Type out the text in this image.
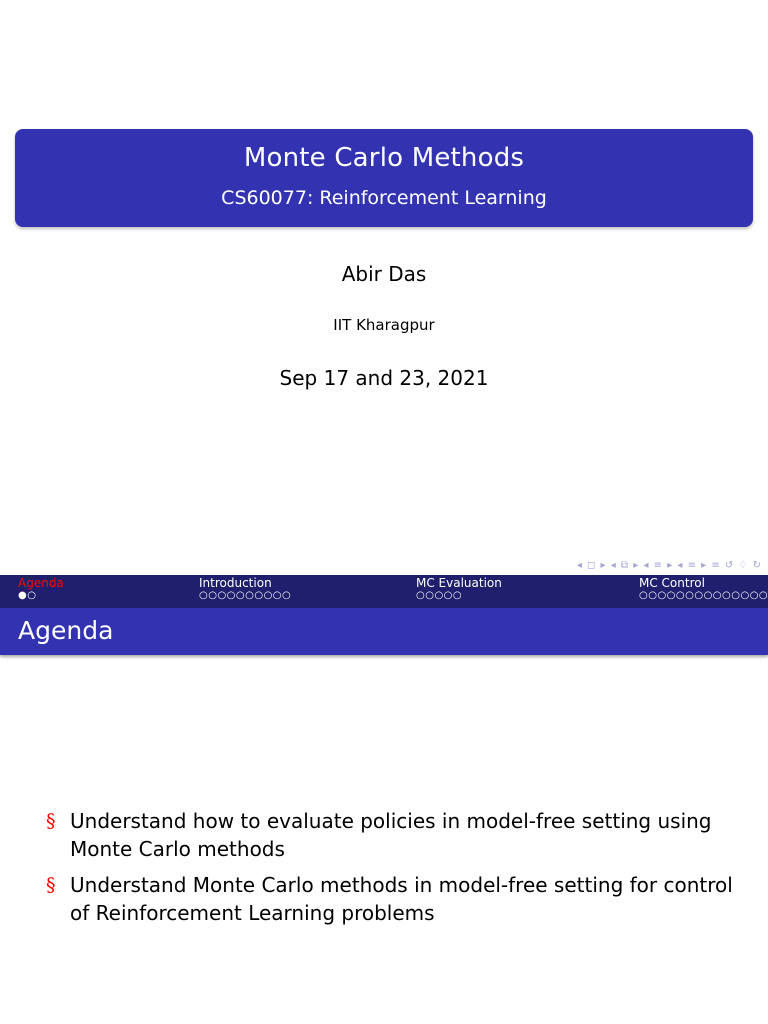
Monte Carlo Methods
CS60077: Reinforcement Learning
Abir Das
IIT Kharagpur
Sep 17 and 23, 2021
◂ ◻ ▸ ◂ ⧉ ▸ ◂ ≡ ▸ ◂ ≡ ▸ ≡ ↺ ♢ ↻
Agenda
●○
Introduction
○○○○○○○○○○
MC Evaluation
○○○○○
MC Control
○○○○○○○○○○○○○○
Agenda
§ Understand how to evaluate policies in model-free setting using Monte Carlo methods
§ Understand Monte Carlo methods in model-free setting for control of Reinforcement Learning problems
